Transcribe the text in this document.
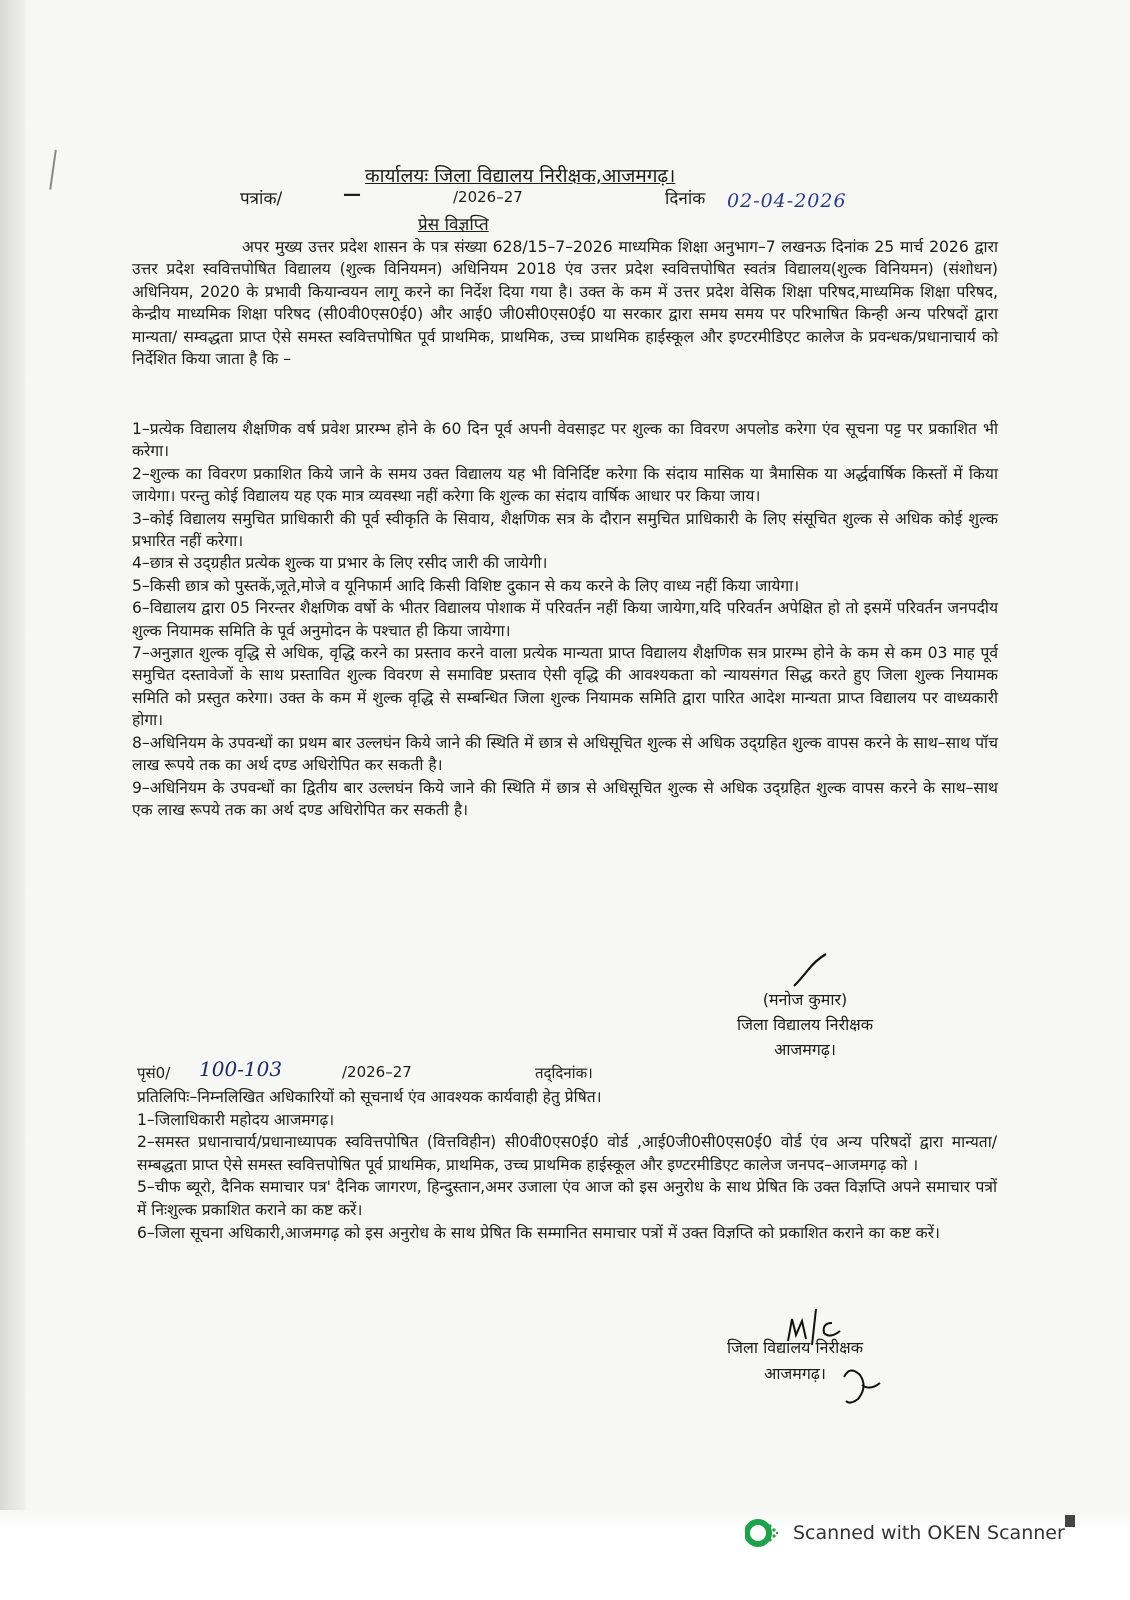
कार्यालयः जिला विद्यालय निरीक्षक,आजमगढ़।
पत्रांक/	—	/2026–27	दिनांक 02-04-2026
प्रेस विज्ञप्ति
अपर मुख्य उत्तर प्रदेश शासन के पत्र संख्या 628/15–7–2026 माध्यमिक शिक्षा अनुभाग–7 लखनऊ दिनांक 25 मार्च 2026 द्वारा उत्तर प्रदेश स्ववित्तपोषित विद्यालय (शुल्क विनियमन) अधिनियम 2018 एंव उत्तर प्रदेश स्ववित्तपोषित स्वतंत्र विद्यालय(शुल्क विनियमन) (संशोधन) अधिनियम, 2020 के प्रभावी कियान्वयन लागू करने का निर्देश दिया गया है। उक्त के कम में उत्तर प्रदेश वेसिक शिक्षा परिषद,माध्यमिक शिक्षा परिषद, केन्द्रीय माध्यमिक शिक्षा परिषद (सी0वी0एस0ई0) और आई0 जी0सी0एस0ई0 या सरकार द्वारा समय समय पर परिभाषित किन्ही अन्य परिषदों द्वारा मान्यता/ सम्वद्धता प्राप्त ऐसे समस्त स्ववित्तपोषित पूर्व प्राथमिक, प्राथमिक, उच्च प्राथमिक हाईस्कूल और इण्टरमीडिएट कालेज के प्रवन्धक/प्रधानाचार्य को निर्देशित किया जाता है कि –

1–प्रत्येक विद्यालय शैक्षणिक वर्ष प्रवेश प्रारम्भ होने के 60 दिन पूर्व अपनी वेवसाइट पर शुल्क का विवरण अपलोड करेगा एंव सूचना पट्ट पर प्रकाशित भी करेगा।

2–शुल्क का विवरण प्रकाशित किये जाने के समय उक्त विद्यालय यह भी विनिर्दिष्ट करेगा कि संदाय मासिक या त्रैमासिक या अर्द्धवार्षिक किस्तों में किया जायेगा। परन्तु कोई विद्यालय यह एक मात्र व्यवस्था नहीं करेगा कि शुल्क का संदाय वार्षिक आधार पर किया जाय।

3–कोई विद्यालय समुचित प्राधिकारी की पूर्व स्वीकृति के सिवाय, शैक्षणिक सत्र के दौरान समुचित प्राधिकारी के लिए संसूचित शुल्क से अधिक कोई शुल्क प्रभारित नहीं करेगा।

4–छात्र से उद्‌ग्रहीत प्रत्येक शुल्क या प्रभार के लिए रसीद जारी की जायेगी।

5–किसी छात्र को पुस्तकें,जूते,मोजे व यूनिफार्म आदि किसी विशिष्ट दुकान से कय करने के लिए वाध्य नहीं किया जायेगा।

6–विद्यालय द्वारा 05 निरन्तर शैक्षणिक वर्षो के भीतर विद्यालय पोशाक में परिवर्तन नहीं किया जायेगा,यदि परिवर्तन अपेक्षित हो तो इसमें परिवर्तन जनपदीय शुल्क नियामक समिति के पूर्व अनुमोदन के पश्चात ही किया जायेगा।

7–अनुज्ञात शुल्क वृद्धि से अधिक, वृद्धि करने का प्रस्ताव करने वाला प्रत्येक मान्यता प्राप्त विद्यालय शैक्षणिक सत्र प्रारम्भ होने के कम से कम 03 माह पूर्व समुचित दस्तावेजों के साथ प्रस्तावित शुल्क विवरण से समाविष्ट प्रस्ताव ऐसी वृद्धि की आवश्यकता को न्यायसंगत सिद्ध करते हुए जिला शुल्क नियामक समिति को प्रस्तुत करेगा। उक्त के कम में शुल्क वृद्धि से सम्बन्धित जिला शुल्क नियामक समिति द्वारा पारित आदेश मान्यता प्राप्त विद्यालय पर वाध्यकारी होगा।

8–अधिनियम के उपवन्धों का प्रथम बार उल्लघंन किये जाने की स्थिति में छात्र से अधिसूचित शुल्क से अधिक उद्‌ग्रहित शुल्क वापस करने के साथ–साथ पॉच लाख रूपये तक का अर्थ दण्ड अधिरोपित कर सकती है।

9–अधिनियम के उपवन्धों का द्वितीय बार उल्लघंन किये जाने की स्थिति में छात्र से अधिसूचित शुल्क से अधिक उद्‌ग्रहित शुल्क वापस करने के साथ–साथ एक लाख रूपये तक का अर्थ दण्ड अधिरोपित कर सकती है।

(मनोज कुमार)
जिला विद्यालय निरीक्षक
आजमगढ़।
पृसं0/ 100-103	/2026–27	तद्‌दिनांक।

प्रतिलिपिः–निम्नलिखित अधिकारियों को सूचनार्थ एंव आवश्यक कार्यवाही हेतु प्रेषित।

1–जिलाधिकारी महोदय आजमगढ़।

2–समस्त प्रधानाचार्य/प्रधानाध्यापक स्ववित्तपोषित (वित्तविहीन) सी0वी0एस0ई0 वोर्ड ,आई0जी0सी0एस0ई0 वोर्ड एंव अन्य परिषदों द्वारा मान्यता/सम्बद्धता प्राप्त ऐसे समस्त स्ववित्तपोषित पूर्व प्राथमिक, प्राथमिक, उच्च प्राथमिक हाईस्कूल और इण्टरमीडिएट कालेज जनपद–आजमगढ़ को ।

5–चीफ ब्यूरो, दैनिक समाचार पत्र' दैनिक जागरण, हिन्दुस्तान,अमर उजाला एंव आज को इस अनुरोध के साथ प्रेषित कि उक्त विज्ञप्ति अपने समाचार पत्रों में निःशुल्क प्रकाशित कराने का कष्ट करें।

6–जिला सूचना अधिकारी,आजमगढ़ को इस अनुरोध के साथ प्रेषित कि सम्मानित समाचार पत्रों में उक्त विज्ञप्ति को प्रकाशित कराने का कष्ट करें।

जिला विद्यालय निरीक्षक
आजमगढ़।
Scanned with OKEN Scanner
